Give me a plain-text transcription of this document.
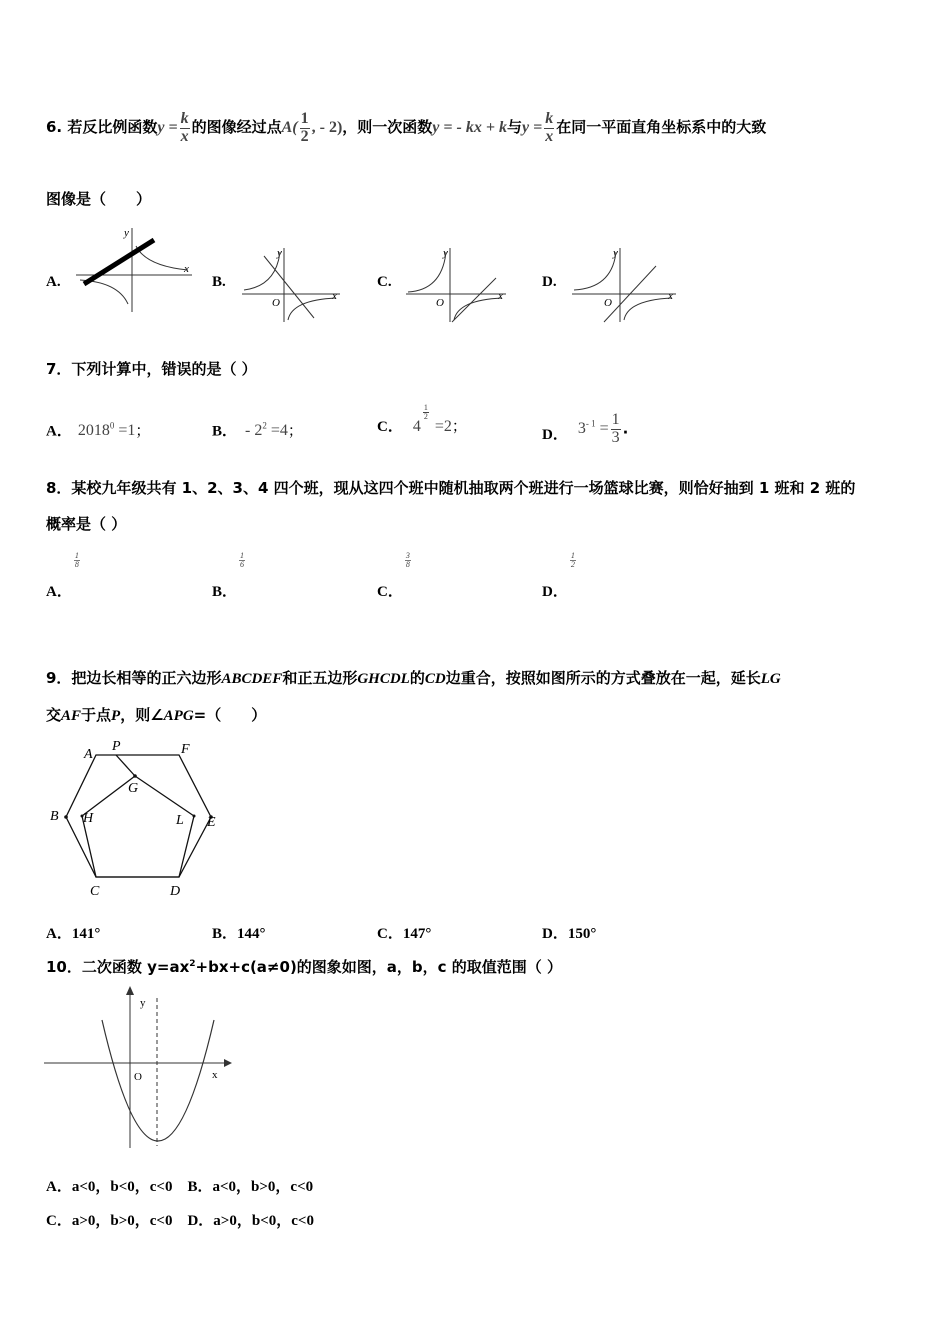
6. 若反比例函数$y = \frac{k}{x}$ 的图像经过点$A( \frac{1}{2}$ , - 2)，则一次函数y = - kx + k与$y = \frac{k}{x}$ 在同一平面直角坐标系中的大致
图像是（　　）
A.
y
x
B.
y
x
O
C.
y
x
O
D.
y
x
O
7．下列计算中，错误的是（ ）
A． $2018^0 =1$；	B． - $2^2 =4$；	C． 4
$\frac{1}{2}$
=2；
D． $3^{- 1} = \frac{1}{3}$ .
8．某校九年级共有 1、2、3、4 四个班，现从这四个班中随机抽取两个班进行一场篮球比赛，则恰好抽到 1 班和 2 班的
概率是（ ）
A．
$\frac{1}{8}$
B．
$\frac{1}{6}$
C．
$\frac{3}{8}$
D．
$\frac{1}{2}$
9．把边长相等的正六边形ABCDEF和正五边形GHCDL的CD边重合，按照如图所示的方式叠放在一起，延长LG
交AF于点P，则∠APG=（　　）
A
P	F
G
B H	L E
C	D
A．141°	B．144°	C．147°	D．150°
10．二次函数 $y=ax^2+bx+c(a\ne 0)$的图象如图，a，b，c 的取值范围（ ）
y
x
O
A．a<0，b<0，c<0　B．a<0，b>0，c<0
C．a>0，b>0，c<0　D．a>0，b<0，c<0
